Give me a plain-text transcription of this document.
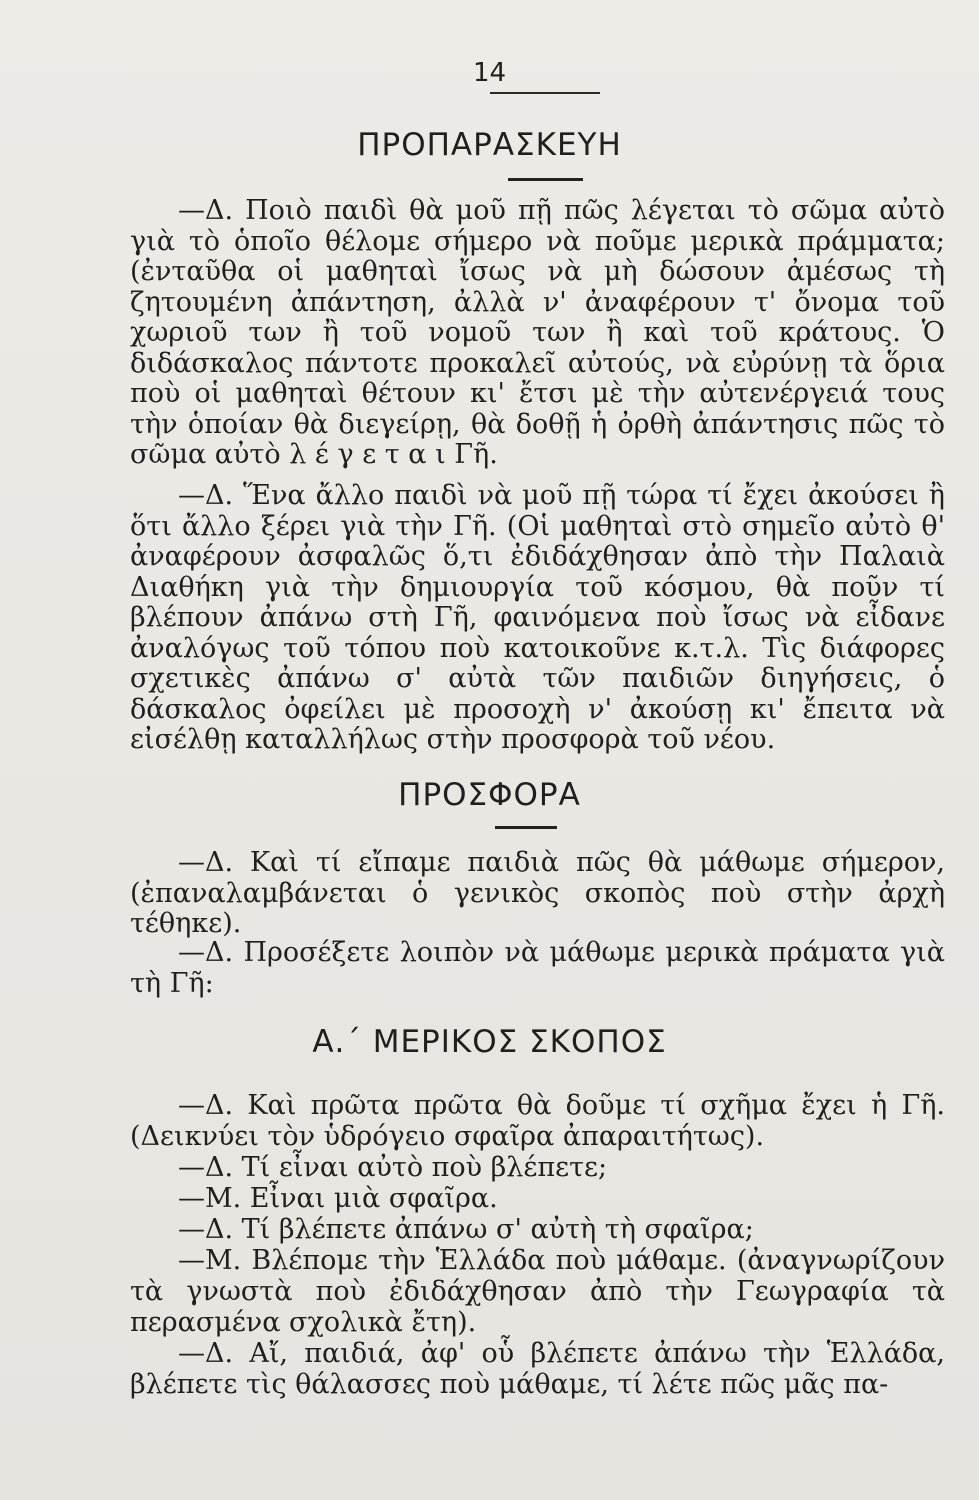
14
ΠΡΟΠΑΡΑΣΚΕΥΗ

—Δ. Ποιὸ παιδὶ θὰ μοῦ πῇ πῶς λέγεται τὸ σῶμα αὐτὸ γιὰ τὸ ὁποῖο θέλομε σήμερο νὰ ποῦμε μερικὰ πράμματα; (ἐνταῦθα οἱ μαθηταὶ ἴσως νὰ μὴ δώσουν ἀμέσως τὴ ζητουμένη ἀπάντηση, ἀλλὰ ν' ἀναφέρουν τ' ὄνομα τοῦ χωριοῦ των ἢ τοῦ νομοῦ των ἢ καὶ τοῦ κράτους. Ὁ διδάσκαλος πάντοτε προκαλεῖ αὐτούς, νὰ εὐρύνῃ τὰ ὅρια ποὺ οἱ μαθηταὶ θέτουν κι' ἔτσι μὲ τὴν αὐτενέργειά τους τὴν ὁποίαν θὰ διεγείρῃ, θὰ δοθῇ ἡ ὀρθὴ ἀπάντησις πῶς τὸ σῶμα αὐτὸ λ έ γ ε τ α ι Γῆ.

—Δ. Ἕνα ἄλλο παιδὶ νὰ μοῦ πῇ τώρα τί ἔχει ἀκούσει ἢ ὅτι ἄλλο ξέρει γιὰ τὴν Γῆ. (Οἱ μαθηταὶ στὸ σημεῖο αὐτὸ θ' ἀναφέρουν ἀσφαλῶς ὅ,τι ἐδιδάχθησαν ἀπὸ τὴν Παλαιὰ Διαθήκη γιὰ τὴν δημιουργία τοῦ κόσμου, θὰ ποῦν τί βλέπουν ἀπάνω στὴ Γῆ, φαινόμενα ποὺ ἴσως νὰ εἶδανε ἀναλόγως τοῦ τόπου ποὺ κατοικοῦνε κ.τ.λ. Τὶς διάφορες σχετικὲς ἀπάνω σ' αὐτὰ τῶν παιδιῶν διηγήσεις, ὁ δάσκαλος ὀφείλει μὲ προσοχὴ ν' ἀκούσῃ κι' ἔπειτα νὰ εἰσέλθῃ καταλλήλως στὴν προσφορὰ τοῦ νέου.

ΠΡΟΣΦΟΡΑ

—Δ. Καὶ τί εἴπαμε παιδιὰ πῶς θὰ μάθωμε σήμερον, (ἐπαναλαμβάνεται ὁ γενικὸς σκοπὸς ποὺ στὴν ἀρχὴ τέθηκε).

—Δ. Προσέξετε λοιπὸν νὰ μάθωμε μερικὰ πράματα γιὰ τὴ Γῆ:

Α.΄ ΜΕΡΙΚΟΣ ΣΚΟΠΟΣ

—Δ. Καὶ πρῶτα πρῶτα θὰ δοῦμε τί σχῆμα ἔχει ἡ Γῆ. (Δεικνύει τὸν ὑδρόγειο σφαῖρα ἀπαραιτήτως).

—Δ. Τί εἶναι αὐτὸ ποὺ βλέπετε;

—Μ. Εἶναι μιὰ σφαῖρα.

—Δ. Τί βλέπετε ἀπάνω σ' αὐτὴ τὴ σφαῖρα;

—Μ. Βλέπομε τὴν Ἑλλάδα ποὺ μάθαμε. (ἀναγνωρίζουν τὰ γνωστὰ ποὺ ἐδιδάχθησαν ἀπὸ τὴν Γεωγραφία τὰ περασμένα σχολικὰ ἔτη).

—Δ. Αἴ, παιδιά, ἀφ' οὗ βλέπετε ἀπάνω τὴν Ἑλλάδα, βλέπετε τὶς θάλασσες ποὺ μάθαμε, τί λέτε πῶς μᾶς πα-
